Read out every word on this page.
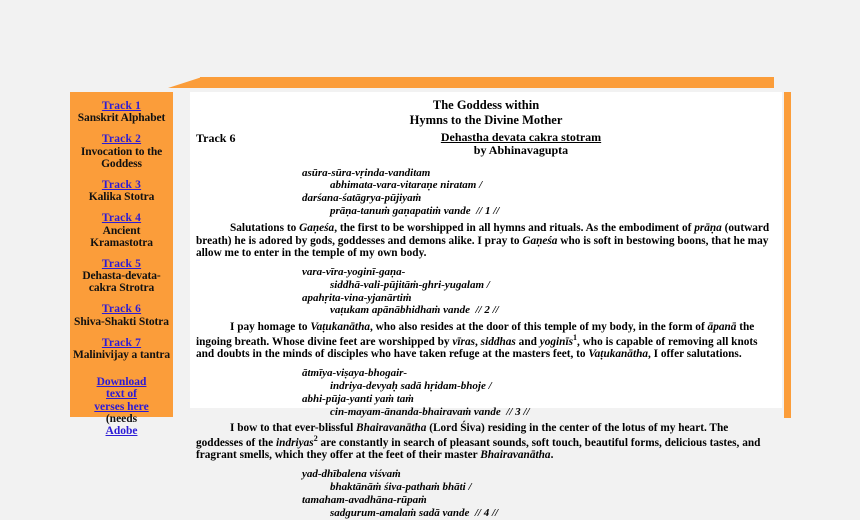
Track 1
Sanskrit Alphabet
Track 2
Invocation to the Goddess
Track 3
Kalika Stotra
Track 4
Ancient Kramastotra
Track 5
Dehasta-devata-cakra Strotra
Track 6
Shiva-Shakti Stotra
Track 7
Malinivijay a tantra
Download
text of
verses here
(needs
Adobe
The Goddess within
Hymns to the Divine Mother
Track 6	Dehastha devata cakra stotram
by Abhinavagupta
asūra-sūra-vṛinda-vanditam
abhimata-vara-vitaraṇe niratam /
darśana-śatāgrya-pūjiyaṁ
prāṇa-tanuṁ gaṇapatiṁ vande  // 1 //

Salutations to Gaṇeśa, the first to be worshipped in all hymns and rituals. As the embodiment of prāṇa (outward breath) he is adored by gods, goddesses and demons alike. I pray to Gaṇeśa who is soft in bestowing boons, that he may allow me to enter in the temple of my own body.

vara-vīra-yoginī-gaṇa-
siddhā-vali-pūjitāṁ-ghri-yugalam /
apahṛita-vina-yjanārtiṁ
vaṭukam apānābhidhaṁ vande  // 2 //

I pay homage to Vaṭukanātha, who also resides at the door of this temple of my body, in the form of āpanā the ingoing breath. Whose divine feet are worshipped by vīras, siddhas and yoginīs$^1$, who is capable of removing all knots and doubts in the minds of disciples who have taken refuge at the masters feet, to Vaṭukanātha, I offer salutations.

ātmīya-viṣaya-bhogair-
indriya-devyaḥ sadā hṛidam-bhoje /
abhi-pūja-yanti yaṁ taṁ
cin-mayam-ānanda-bhairavaṁ vande  // 3 //

I bow to that ever-blissful Bhairavanātha (Lord Śiva) residing in the center of the lotus of my heart. The goddesses of the indriyas$^2$ are constantly in search of pleasant sounds, soft touch, beautiful forms, delicious tastes, and fragrant smells, which they offer at the feet of their master Bhairavanātha.

yad-dhībalena viśvaṁ
bhaktānāṁ śiva-pathaṁ bhāti /
tamaham-avadhāna-rūpaṁ
sadgurum-amalaṁ sadā vande  // 4 //
